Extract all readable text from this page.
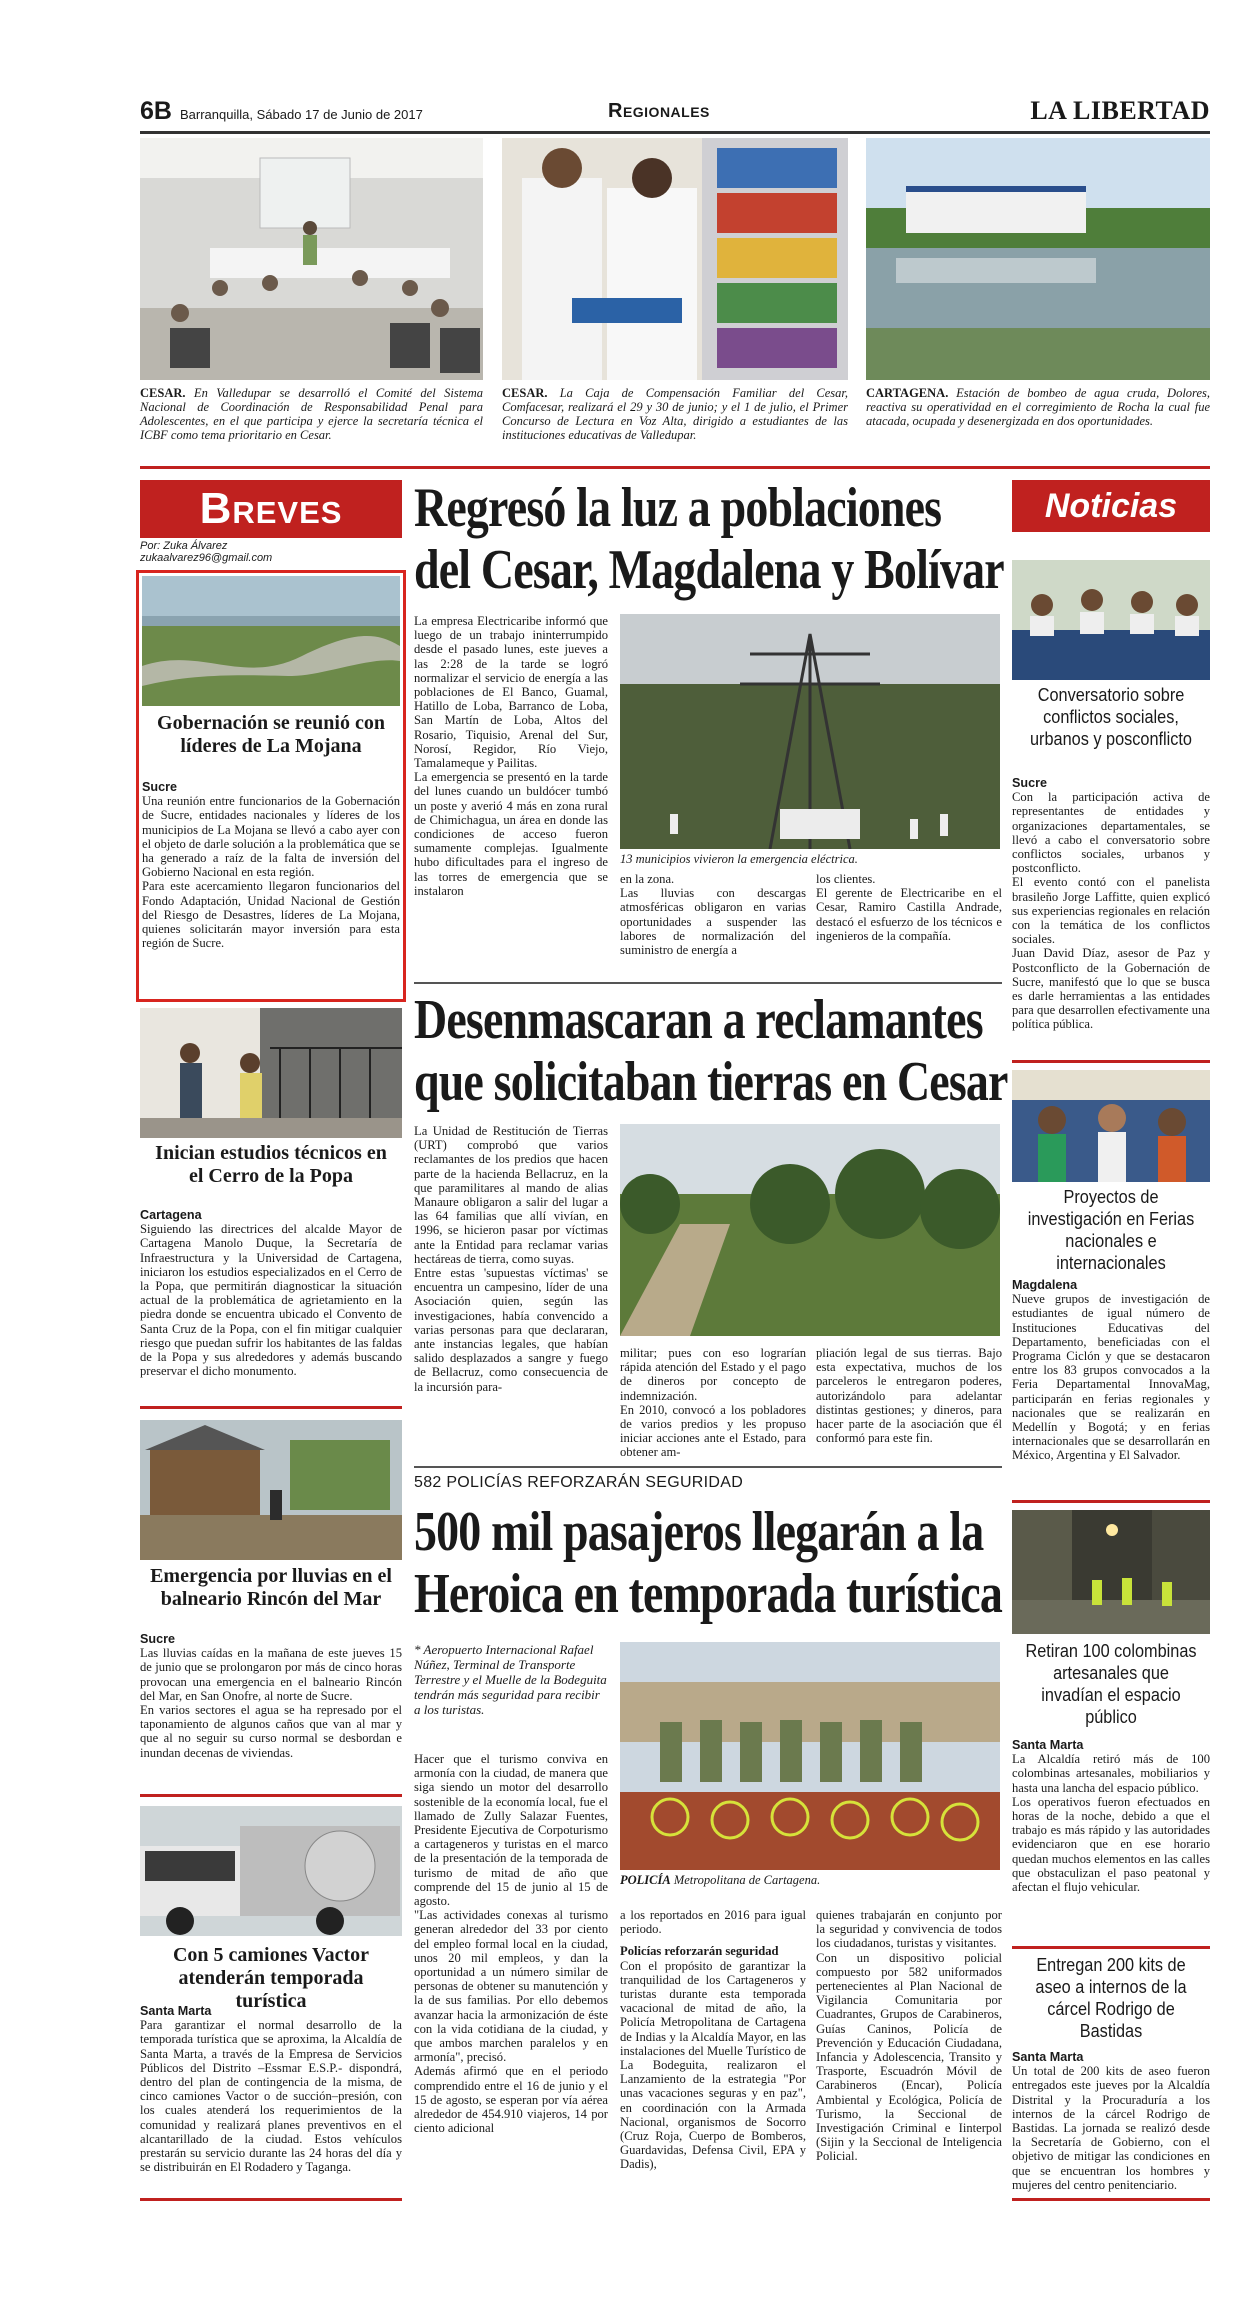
6B Barranquilla, Sábado 17 de Junio de 2017	Regionales	LA LIBERTAD
CESAR. En Valledupar se desarrolló el Comité del Sistema Nacional de Coordinación de Responsabilidad Penal para Adolescentes, en el que participa y ejerce la secretaría técnica el ICBF como tema prioritario en Cesar.
CESAR. La Caja de Compensación Familiar del Cesar, Comfacesar, realizará el 29 y 30 de junio; y el 1 de julio, el Primer Concurso de Lectura en Voz Alta, dirigido a estudiantes de las instituciones educativas de Valledupar.
CARTAGENA. Estación de bombeo de agua cruda, Dolores, reactiva su operatividad en el corregimiento de Rocha la cual fue atacada, ocupada y desenergizada en dos oportunidades.
Breves
Por: Zuka Álvarez
zukaalvarez96@gmail.com
Gobernación se reunió con líderes de La Mojana
Sucre

Una reunión entre funcionarios de la Gobernación de Sucre, entidades nacionales y líderes de los municipios de La Mojana se llevó a cabo ayer con el objeto de darle solución a la problemática que se ha generado a raíz de la falta de inversión del Gobierno Nacional en esta región.

Para este acercamiento llegaron funcionarios del Fondo Adaptación, Unidad Nacional de Gestión del Riesgo de Desastres, líderes de La Mojana, quienes solicitarán mayor inversión para esta región de Sucre.

Inician estudios técnicos en el Cerro de la Popa
Cartagena

Siguiendo las directrices del alcalde Mayor de Cartagena Manolo Duque, la Secretaría de Infraestructura y la Universidad de Cartagena, iniciaron los estudios especializados en el Cerro de la Popa, que permitirán diagnosticar la situación actual de la problemática de agrietamiento en la piedra donde se encuentra ubicado el Convento de Santa Cruz de la Popa, con el fin mitigar cualquier riesgo que puedan sufrir los habitantes de las faldas de la Popa y sus alrededores y además buscando preservar el dicho monumento.

Emergencia por lluvias en el balneario Rincón del Mar
Sucre

Las lluvias caídas en la mañana de este jueves 15 de junio que se prolongaron por más de cinco horas provocan una emergencia en el balneario Rincón del Mar, en San Onofre, al norte de Sucre.

En varios sectores el agua se ha represado por el taponamiento de algunos caños que van al mar y que al no seguir su curso normal se desbordan e inundan decenas de viviendas.

Con 5 camiones Vactor atenderán temporada turística
Santa Marta

Para garantizar el normal desarrollo de la temporada turística que se aproxima, la Alcaldía de Santa Marta, a través de la Empresa de Servicios Públicos del Distrito –Essmar E.S.P.- dispondrá, dentro del plan de contingencia de la misma, de cinco camiones Vactor o de succión–presión, con los cuales atenderá los requerimientos de la comunidad y realizará planes preventivos en el alcantarillado de la ciudad. Estos vehículos prestarán su servicio durante las 24 horas del día y se distribuirán en El Rodadero y Taganga.

Regresó la luz a poblaciones
del Cesar, Magdalena y Bolívar

La empresa Electricaribe informó que luego de un trabajo ininterrumpido desde el pasado lunes, este jueves a las 2:28 de la tarde se logró normalizar el servicio de energía a las poblaciones de El Banco, Guamal, Hatillo de Loba, Barranco de Loba, San Martín de Loba, Altos del Rosario, Tiquisio, Arenal del Sur, Norosí, Regidor, Río Viejo, Tamalameque y Pailitas.

La emergencia se presentó en la tarde del lunes cuando un buldócer tumbó un poste y averió 4 más en zona rural de Chimichagua, un área en donde las condiciones de acceso fueron sumamente complejas. Igualmente hubo dificultades para el ingreso de las torres de emergencia que se instalaron

13 municipios vivieron la emergencia eléctrica.

en la zona.

Las lluvias con descargas atmosféricas obligaron en varias oportunidades a suspender las labores de normalización del suministro de energía a

los clientes.

El gerente de Electricaribe en el Cesar, Ramiro Castilla Andrade, destacó el esfuerzo de los técnicos e ingenieros de la compañía.

Desenmascaran a reclamantes
que solicitaban tierras en Cesar

La Unidad de Restitución de Tierras (URT) comprobó que varios reclamantes de los predios que hacen parte de la hacienda Bellacruz, en la que paramilitares al mando de alias Manaure obligaron a salir del lugar a las 64 familias que allí vivían, en 1996, se hicieron pasar por víctimas ante la Entidad para reclamar varias hectáreas de tierra, como suyas.

Entre estas 'supuestas víctimas' se encuentra un campesino, líder de una Asociación quien, según las investigaciones, había convencido a varias personas para que declararan, ante instancias legales, que habían salido desplazados a sangre y fuego de Bellacruz, como consecuencia de la incursión para-

militar; pues con eso lograrían rápida atención del Estado y el pago de dineros por concepto de indemnización.

En 2010, convocó a los pobladores de varios predios y les propuso iniciar acciones ante el Estado, para obtener am-

pliación legal de sus tierras. Bajo esta expectativa, muchos de los parceleros le entregaron poderes, autorizándolo para adelantar distintas gestiones; y dineros, para hacer parte de la asociación que él conformó para este fin.

582 POLICÍAS REFORZARÁN SEGURIDAD
500 mil pasajeros llegarán a la
Heroica en temporada turística
* Aeropuerto Internacional Rafael Núñez, Terminal de Transporte Terrestre y el Muelle de la Bodeguita tendrán más seguridad para recibir a los turistas.

Hacer que el turismo conviva en armonía con la ciudad, de manera que siga siendo un motor del desarrollo sostenible de la economía local, fue el llamado de Zully Salazar Fuentes, Presidente Ejecutiva de Corpoturismo a cartageneros y turistas en el marco de la presentación de la temporada de turismo de mitad de año que comprende del 15 de junio al 15 de agosto.

"Las actividades conexas al turismo generan alrededor del 33 por ciento del empleo formal local en la ciudad, unos 20 mil empleos, y dan la oportunidad a un número similar de personas de obtener su manutención y la de sus familias. Por ello debemos avanzar hacia la armonización de éste con la vida cotidiana de la ciudad, y que ambos marchen paralelos y en armonía", precisó.

Además afirmó que en el periodo comprendido entre el 16 de junio y el 15 de agosto, se esperan por vía aérea alrededor de 454.910 viajeros, 14 por ciento adicional

POLICÍA Metropolitana de Cartagena.

a los reportados en 2016 para igual periodo.

Policías reforzarán seguridad

Con el propósito de garantizar la tranquilidad de los Cartageneros y turistas durante esta temporada vacacional de mitad de año, la Policía Metropolitana de Cartagena de Indias y la Alcaldía Mayor, en las instalaciones del Muelle Turístico de La Bodeguita, realizaron el Lanzamiento de la estrategia "Por unas vacaciones seguras y en paz", en coordinación con la Armada Nacional, organismos de Socorro (Cruz Roja, Cuerpo de Bomberos, Guardavidas, Defensa Civil, EPA y Dadis),

quienes trabajarán en conjunto por la seguridad y convivencia de todos los ciudadanos, turistas y visitantes.

Con un dispositivo policial compuesto por 582 uniformados pertenecientes al Plan Nacional de Vigilancia Comunitaria por Cuadrantes, Grupos de Carabineros, Guías Caninos, Policía de Prevención y Educación Ciudadana, Infancia y Adolescencia, Transito y Trasporte, Escuadrón Móvil de Carabineros (Encar), Policía Ambiental y Ecológica, Policía de Turismo, la Seccional de Investigación Criminal e Iinterpol (Sijin y la Seccional de Inteligencia Policial.

Noticias
Conversatorio sobre conflictos sociales, urbanos y posconflicto
Sucre

Con la participación activa de representantes de entidades y organizaciones departamentales, se llevó a cabo el conversatorio sobre conflictos sociales, urbanos y postconflicto.

El evento contó con el panelista brasileño Jorge Laffitte, quien explicó sus experiencias regionales en relación con la temática de los conflictos sociales.

Juan David Díaz, asesor de Paz y Postconflicto de la Gobernación de Sucre, manifestó que lo que se busca es darle herramientas a las entidades para que desarrollen efectivamente una política pública.

Proyectos de investigación en Ferias nacionales e internacionales
Magdalena

Nueve grupos de investigación de estudiantes de igual número de Instituciones Educativas del Departamento, beneficiadas con el Programa Ciclón y que se destacaron entre los 83 grupos convocados a la Feria Departamental InnovaMag, participarán en ferias regionales y nacionales que se realizarán en Medellín y Bogotá; y en ferias internacionales que se desarrollarán en México, Argentina y El Salvador.

Retiran 100 colombinas artesanales que invadían el espacio público
Santa Marta

La Alcaldía retiró más de 100 colombinas artesanales, mobiliarios y hasta una lancha del espacio público.

Los operativos fueron efectuados en horas de la noche, debido a que el trabajo es más rápido y las autoridades evidenciaron que en ese horario quedan muchos elementos en las calles que obstaculizan el paso peatonal y afectan el flujo vehicular.

Entregan 200 kits de aseo a internos de la cárcel Rodrigo de Bastidas
Santa Marta

Un total de 200 kits de aseo fueron entregados este jueves por la Alcaldía Distrital y la Procuraduría a los internos de la cárcel Rodrigo de Bastidas. La jornada se realizó desde la Secretaría de Gobierno, con el objetivo de mitigar las condiciones en que se encuentran los hombres y mujeres del centro penitenciario.
